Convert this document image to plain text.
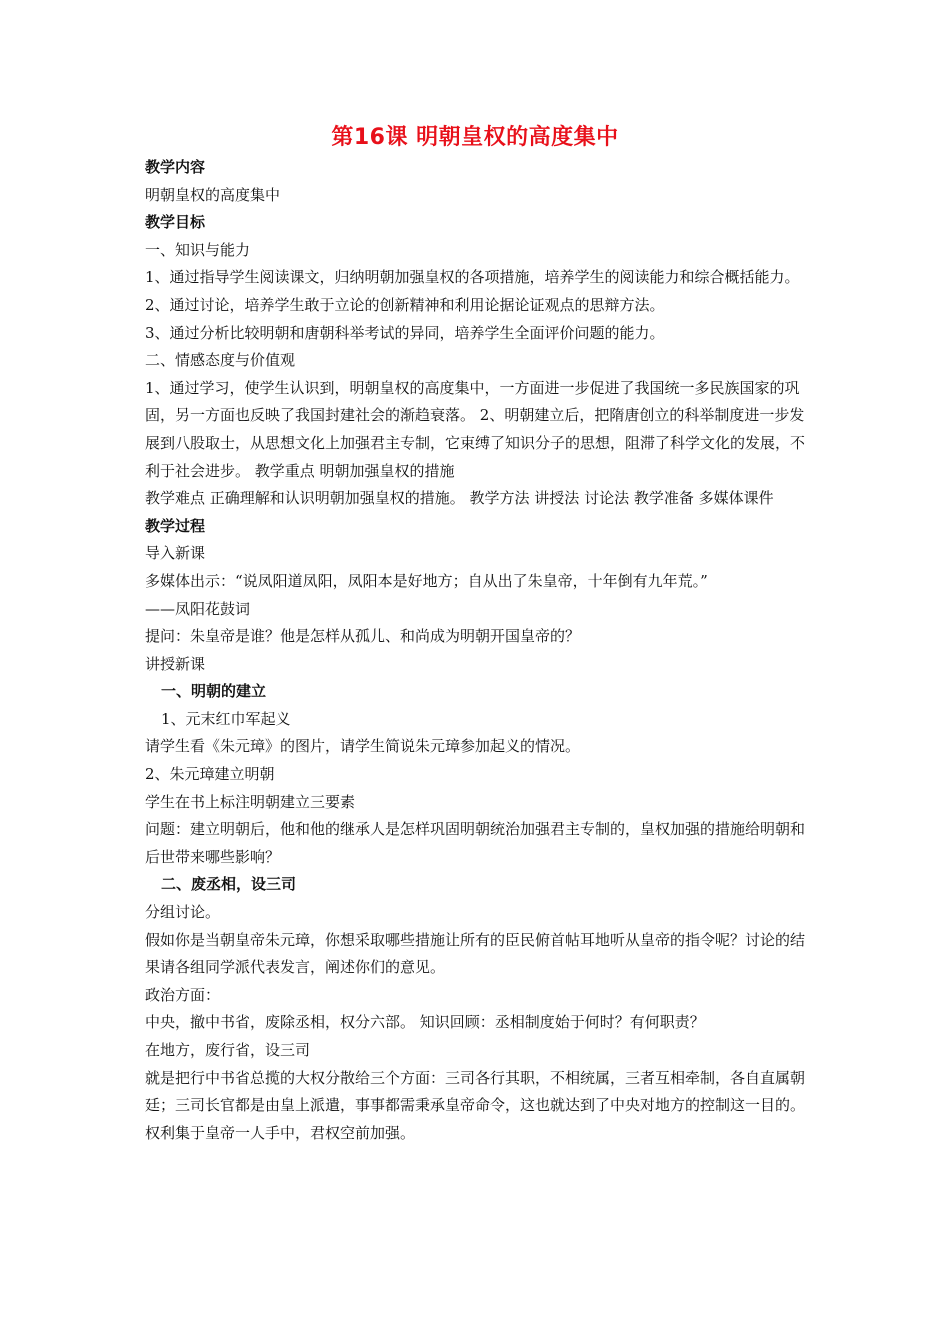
第16课 明朝皇权的高度集中

教学内容

明朝皇权的高度集中

教学目标

一、知识与能力

1、通过指导学生阅读课文，归纳明朝加强皇权的各项措施，培养学生的阅读能力和综合概括能力。

2、通过讨论，培养学生敢于立论的创新精神和利用论据论证观点的思辩方法。

3、通过分析比较明朝和唐朝科举考试的异同，培养学生全面评价问题的能力。

二、情感态度与价值观

1、通过学习，使学生认识到，明朝皇权的高度集中，一方面进一步促进了我国统一多民族国家的巩固，另一方面也反映了我国封建社会的渐趋衰落。 2、明朝建立后，把隋唐创立的科举制度进一步发展到八股取士，从思想文化上加强君主专制，它束缚了知识分子的思想，阻滞了科学文化的发展，不利于社会进步。 教学重点 明朝加强皇权的措施

教学难点 正确理解和认识明朝加强皇权的措施。 教学方法 讲授法 讨论法 教学准备 多媒体课件

教学过程

导入新课

多媒体出示：“说凤阳道凤阳，凤阳本是好地方；自从出了朱皇帝，十年倒有九年荒。”

——凤阳花鼓词

提问：朱皇帝是谁？他是怎样从孤儿、和尚成为明朝开国皇帝的？

讲授新课

一、明朝的建立

1、元末红巾军起义

请学生看《朱元璋》的图片，请学生简说朱元璋参加起义的情况。

2、朱元璋建立明朝

学生在书上标注明朝建立三要素

问题：建立明朝后，他和他的继承人是怎样巩固明朝统治加强君主专制的，皇权加强的措施给明朝和后世带来哪些影响？

二、废丞相，设三司

分组讨论。

假如你是当朝皇帝朱元璋，你想采取哪些措施让所有的臣民俯首帖耳地听从皇帝的指令呢？讨论的结果请各组同学派代表发言，阐述你们的意见。

政治方面：

中央，撤中书省，废除丞相，权分六部。 知识回顾：丞相制度始于何时？有何职责？

在地方，废行省，设三司

就是把行中书省总揽的大权分散给三个方面：三司各行其职，不相统属，三者互相牵制，各自直属朝廷；三司长官都是由皇上派遣，事事都需秉承皇帝命令，这也就达到了中央对地方的控制这一目的。权利集于皇帝一人手中，君权空前加强。
